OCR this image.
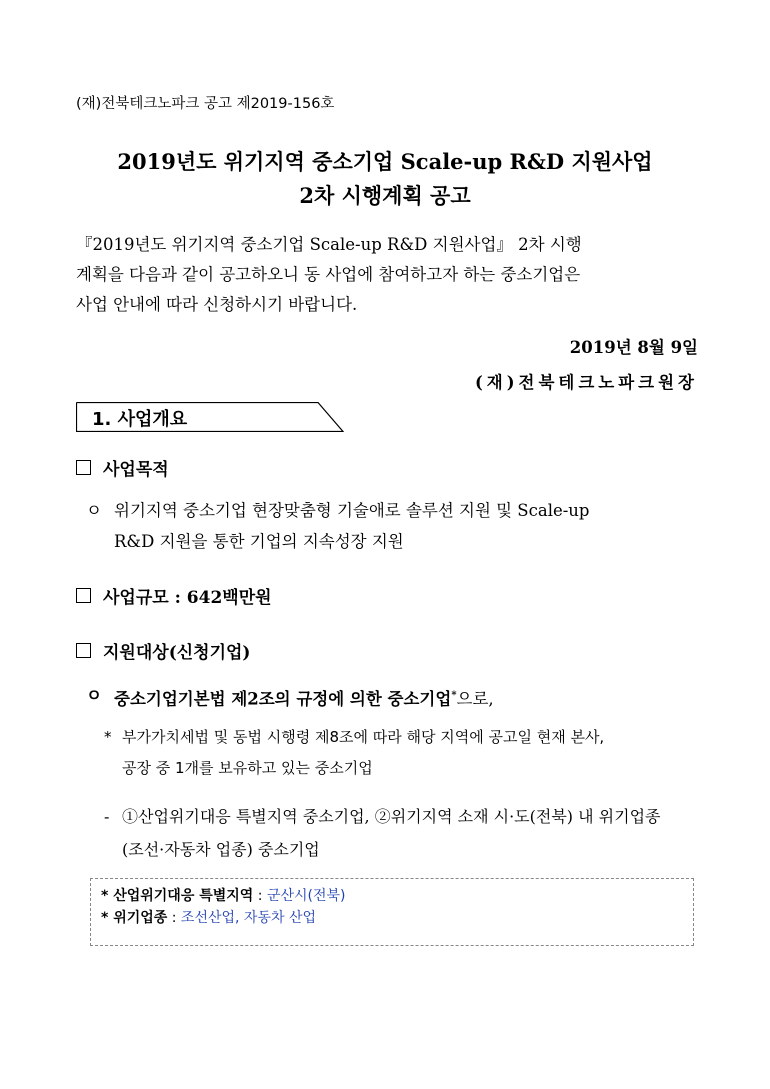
(재)전북테크노파크 공고 제2019-156호
2019년도 위기지역 중소기업 Scale-up R&D 지원사업
2차 시행계획 공고

『2019년도 위기지역 중소기업 Scale-up R&D 지원사업』 2차 시행
계획을 다음과 같이 공고하오니 동 사업에 참여하고자 하는 중소기업은
사업 안내에 따라 신청하시기 바랍니다.

2019년 8월 9일
(재)전북테크노파크원장
1. 사업개요
사업목적
ㅇ 위기지역 중소기업 현장맞춤형 기술애로 솔루션 지원 및 Scale-up
R&D 지원을 통한 기업의 지속성장 지원
사업규모 : 642백만원
지원대상(신청기업)
ㅇ 중소기업기본법 제2조의 규정에 의한 중소기업*으로,
* 부가가치세법 및 동법 시행령 제8조에 따라 해당 지역에 공고일 현재 본사,
공장 중 1개를 보유하고 있는 중소기업
- ①산업위기대응 특별지역 중소기업, ②위기지역 소재 시·도(전북) 내 위기업종
(조선·자동차 업종) 중소기업
* 산업위기대응 특별지역 : 군산시(전북)
* 위기업종 : 조선산업, 자동차 산업
